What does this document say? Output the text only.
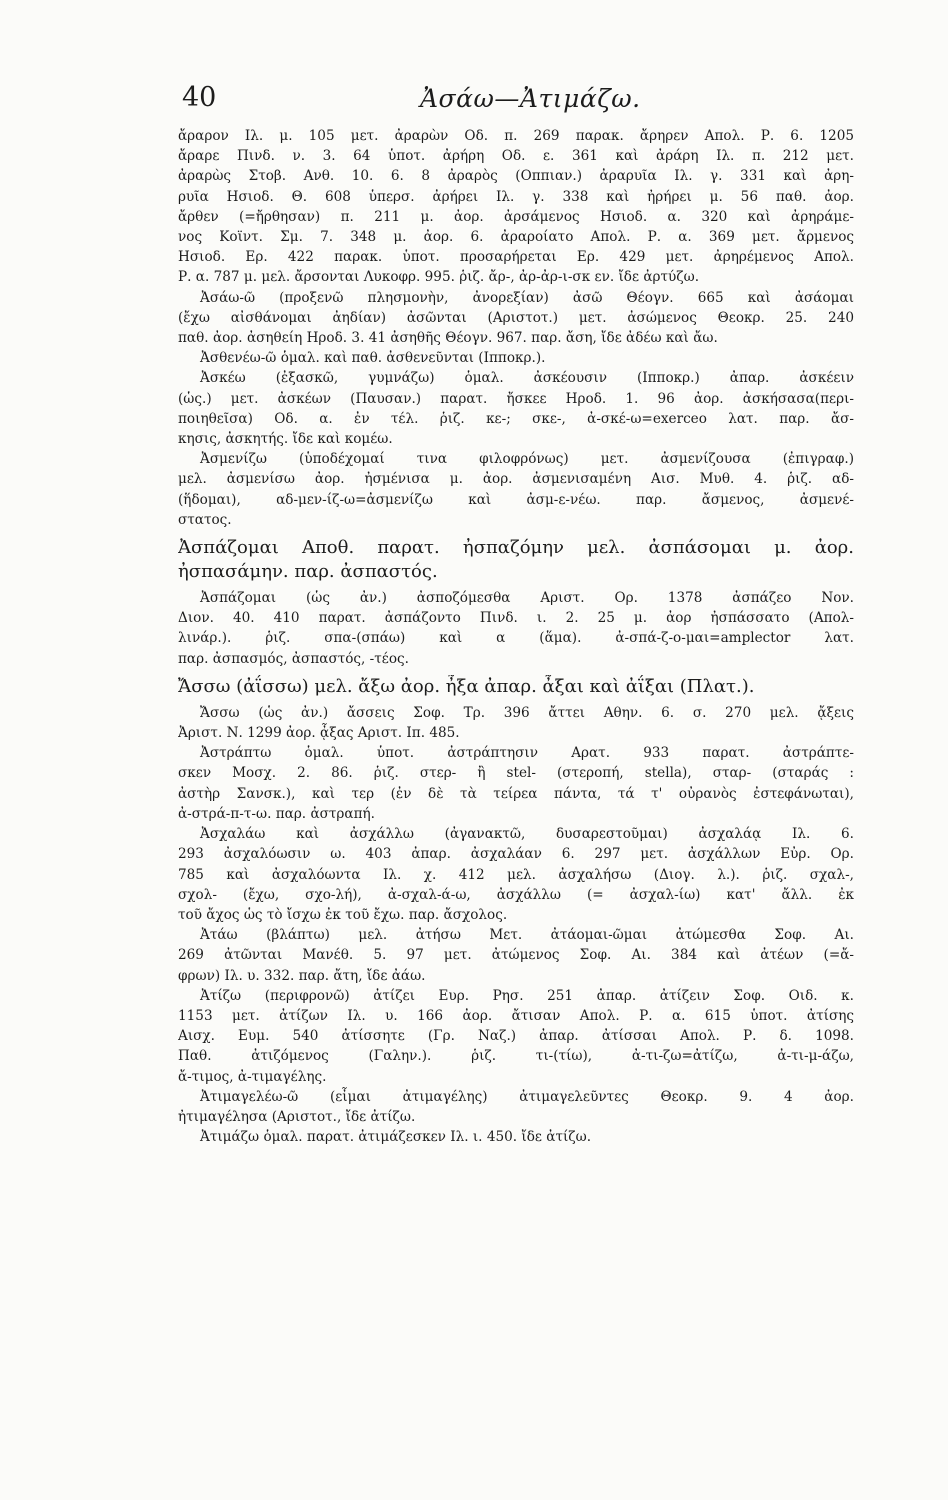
40	Ἀσάω—Ἀτιμάζω.
ἄραρον Ιλ. μ. 105 μετ. ἀραρὼν Οδ. π. 269 παρακ. ἄρηρεν Απολ. Ρ. 6. 1205
ἄραρε Πινδ. ν. 3. 64 ὑποτ. ἀρήρη Οδ. ε. 361 καὶ ἀράρη Ιλ. π. 212 μετ.
ἀραρὼς Στοβ. Ανθ. 10. 6. 8 ἀραρὸς (Οππιαν.) ἀραρυῖα Ιλ. γ. 331 καὶ ἀρη-
ρυῖα Ησιοδ. Θ. 608 ὑπερσ. ἀρήρει Ιλ. γ. 338 καὶ ἠρήρει μ. 56 παθ. ἀορ.
ἄρθεν (=ἤρθησαν) π. 211 μ. ἀορ. ἀρσάμενος Ησιοδ. α. 320 καὶ ἀρηράμε-
νος Κοϊντ. Σμ. 7. 348 μ. ἀορ. 6. ἀραροίατο Απολ. Ρ. α. 369 μετ. ἄρμενος
Ησιοδ. Ερ. 422 παρακ. ὑποτ. προσαρήρεται Ερ. 429 μετ. ἀρηρέμενος Απολ.
Ρ. α. 787 μ. μελ. ἄρσονται Λυκοφρ. 995. ῥιζ. ἄρ-, ἀρ-ἀρ-ι-σκ εν. ἴδε ἀρτύζω.
Ἀσάω-ῶ (προξενῶ πλησμονὴν, ἀνορεξίαν) ἀσῶ Θέογν. 665 καὶ ἀσάομαι
(ἔχω αἰσθάνομαι ἀηδίαν) ἀσῶνται (Αριστοτ.) μετ. ἀσώμενος Θεοκρ. 25. 240
παθ. ἀορ. ἀσηθείη Ηροδ. 3. 41 ἀσηθῆς Θέογν. 967. παρ. ἄση, ἴδε ἀδέω καὶ ἄω.
Ἀσθενέω-ῶ ὁμαλ. καὶ παθ. ἀσθενεῦνται (Ιπποκρ.).
Ἀσκέω (ἐξασκῶ, γυμνάζω) ὁμαλ. ἀσκέουσιν (Ιπποκρ.) ἀπαρ. ἀσκέειν
(ὡς.) μετ. ἀσκέων (Παυσαν.) παρατ. ἤσκεε Ηροδ. 1. 96 ἀορ. ἀσκήσασα(περι-
ποιηθεῖσα) Οδ. α. ἐν τέλ. ῥιζ. κε-; σκε-, ἀ-σκέ-ω=exerceo λατ. παρ. ἄσ-
κησις, ἀσκητής. ἴδε καὶ κομέω.
Ἀσμενίζω (ὑποδέχομαί τινα φιλοφρόνως) μετ. ἀσμενίζουσα (ἐπιγραφ.)
μελ. ἀσμενίσω ἀορ. ἠσμένισα μ. ἀορ. ἀσμενισαμένη Αισ. Μυθ. 4. ῥιζ. αδ-
(ἥδομαι), αδ-μεν-ίζ-ω=ἀσμενίζω καὶ ἀσμ-ε-νέω. παρ. ἄσμενος, ἀσμενέ-
στατος.
Ἀσπάζομαι Αποθ. παρατ. ἠσπαζόμην μελ. ἀσπάσομαι μ. ἀορ.
ἠσπασάμην. παρ. ἀσπαστός.
Ἀσπάζομαι (ὡς ἀν.) ἀσποζόμεσθα Αριστ. Ορ. 1378 ἀσπάζεο Νον.
Διον. 40. 410 παρατ. ἀσπάζοντο Πινδ. ι. 2. 25 μ. ἀορ ἠσπάσσατο (Απολ-
λινάρ.). ῥιζ. σπα-(σπάω) καὶ α (ἅμα). ἀ-σπά-ζ-ο-μαι=amplector λατ.
παρ. ἀσπασμός, ἀσπαστός, -τέος.
Ἄσσω (ἀΐσσω) μελ. ἄξω ἀορ. ἦξα ἀπαρ. ἆξαι καὶ ἀΐξαι (Πλατ.).
Ἄσσω (ὡς ἀν.) ἄσσεις Σοφ. Τρ. 396 ἄττει Αθην. 6. σ. 270 μελ. ᾄξεις
Ἀριστ. Ν. 1299 ἀορ. ᾆξας Αριστ. Ιπ. 485.
Ἀστράπτω ὁμαλ. ὑποτ. ἀστράπτησιν Αρατ. 933 παρατ. ἀστράπτε-
σκεν Μοσχ. 2. 86. ῥιζ. στερ- ἢ stel- (στεροπή, stella), σταρ- (σταράς :
ἀστὴρ Σανσκ.), καὶ τερ (ἐν δὲ τὰ τείρεα πάντα, τά τ' οὐρανὸς ἐστεφάνωται),
ἀ-στρά-π-τ-ω. παρ. ἀστραπή.
Ἀσχαλάω καὶ ἀσχάλλω (ἀγανακτῶ, δυσαρεστοῦμαι) ἀσχαλάᾳ Ιλ. 6.
293 ἀσχαλόωσιν ω. 403 ἀπαρ. ἀσχαλάαν 6. 297 μετ. ἀσχάλλων Εὐρ. Ορ.
785 καὶ ἀσχαλόωντα Ιλ. χ. 412 μελ. ἀσχαλήσω (Διογ. λ.). ῥιζ. σχαλ-,
σχολ- (ἔχω, σχο-λή), ἀ-σχαλ-ά-ω, ἀσχάλλω (= ἀσχαλ-ίω) κατ' ἄλλ. ἐκ
τοῦ ἄχος ὡς τὸ ἴσχω ἐκ τοῦ ἔχω. παρ. ἄσχολος.
Ἀτάω (βλάπτω) μελ. ἀτήσω Μετ. ἀτάομαι-ῶμαι ἀτώμεσθα Σοφ. Αι.
269 ἀτῶνται Μανέθ. 5. 97 μετ. ἀτώμενος Σοφ. Αι. 384 καὶ ἀτέων (=ἄ-
φρων) Ιλ. υ. 332. παρ. ἄτη, ἴδε ἀάω.
Ἀτίζω (περιφρονῶ) ἀτίζει Ευρ. Ρησ. 251 ἀπαρ. ἀτίζειν Σοφ. Οιδ. κ.
1153 μετ. ἀτίζων Ιλ. υ. 166 ἀορ. ἄτισαν Απολ. Ρ. α. 615 ὑποτ. ἀτίσης
Αισχ. Ευμ. 540 ἀτίσσητε (Γρ. Ναζ.) ἀπαρ. ἀτίσσαι Απολ. Ρ. δ. 1098.
Παθ. ἀτιζόμενος (Γαλην.). ῥιζ. τι-(τίω), ἀ-τι-ζω=ἀτίζω, ἀ-τι-μ-άζω,
ἄ-τιμος, ἀ-τιμαγέλης.
Ἀτιμαγελέω-ῶ (εἶμαι ἀτιμαγέλης) ἀτιμαγελεῦντες Θεοκρ. 9. 4 ἀορ.
ἠτιμαγέλησα (Αριστοτ., ἴδε ἀτίζω.
Ἀτιμάζω ὁμαλ. παρατ. ἀτιμάζεσκεν Ιλ. ι. 450. ἴδε ἀτίζω.
